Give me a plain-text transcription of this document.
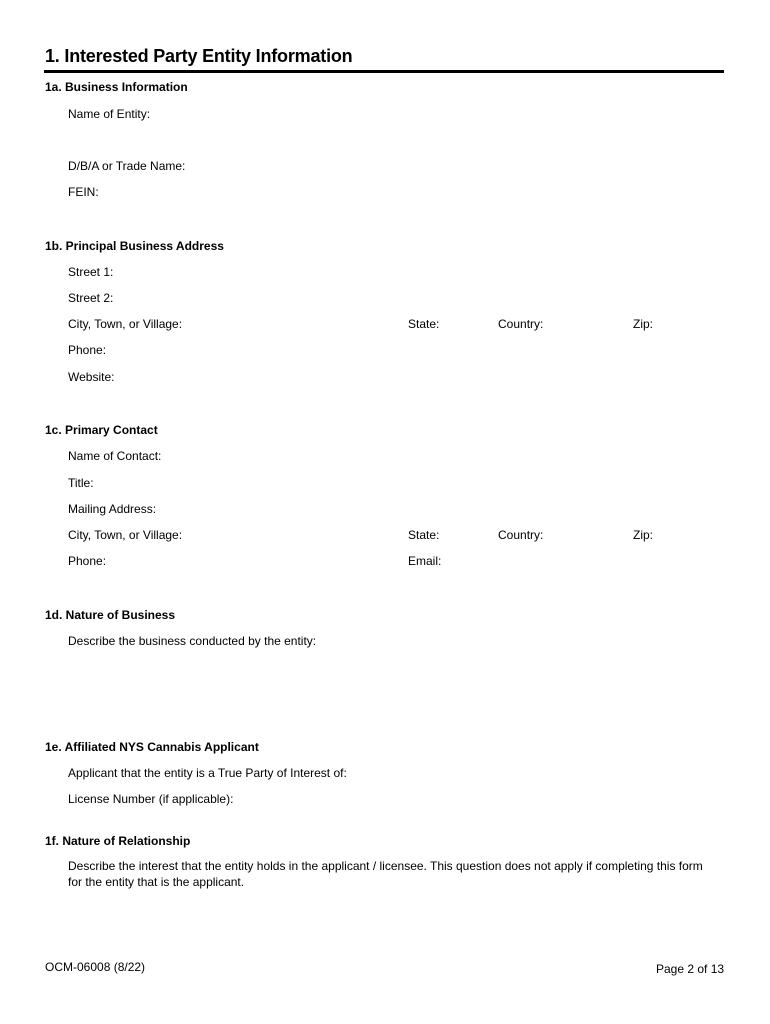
1. Interested Party Entity Information
1a. Business Information
Name of Entity:
D/B/A or Trade Name:
FEIN:
1b. Principal Business Address
Street 1:
Street 2:
City, Town, or Village:	State:	Country:	Zip:
Phone:
Website:
1c. Primary Contact
Name of Contact:
Title:
Mailing Address:
City, Town, or Village:	State:	Country:	Zip:
Phone:	Email:
1d. Nature of Business
Describe the business conducted by the entity:
1e. Affiliated NYS Cannabis Applicant
Applicant that the entity is a True Party of Interest of:
License Number (if applicable):
1f. Nature of Relationship
Describe the interest that the entity holds in the applicant / licensee. This question does not apply if completing this form for the entity that is the applicant.
OCM-06008 (8/22)	Page 2 of 13
